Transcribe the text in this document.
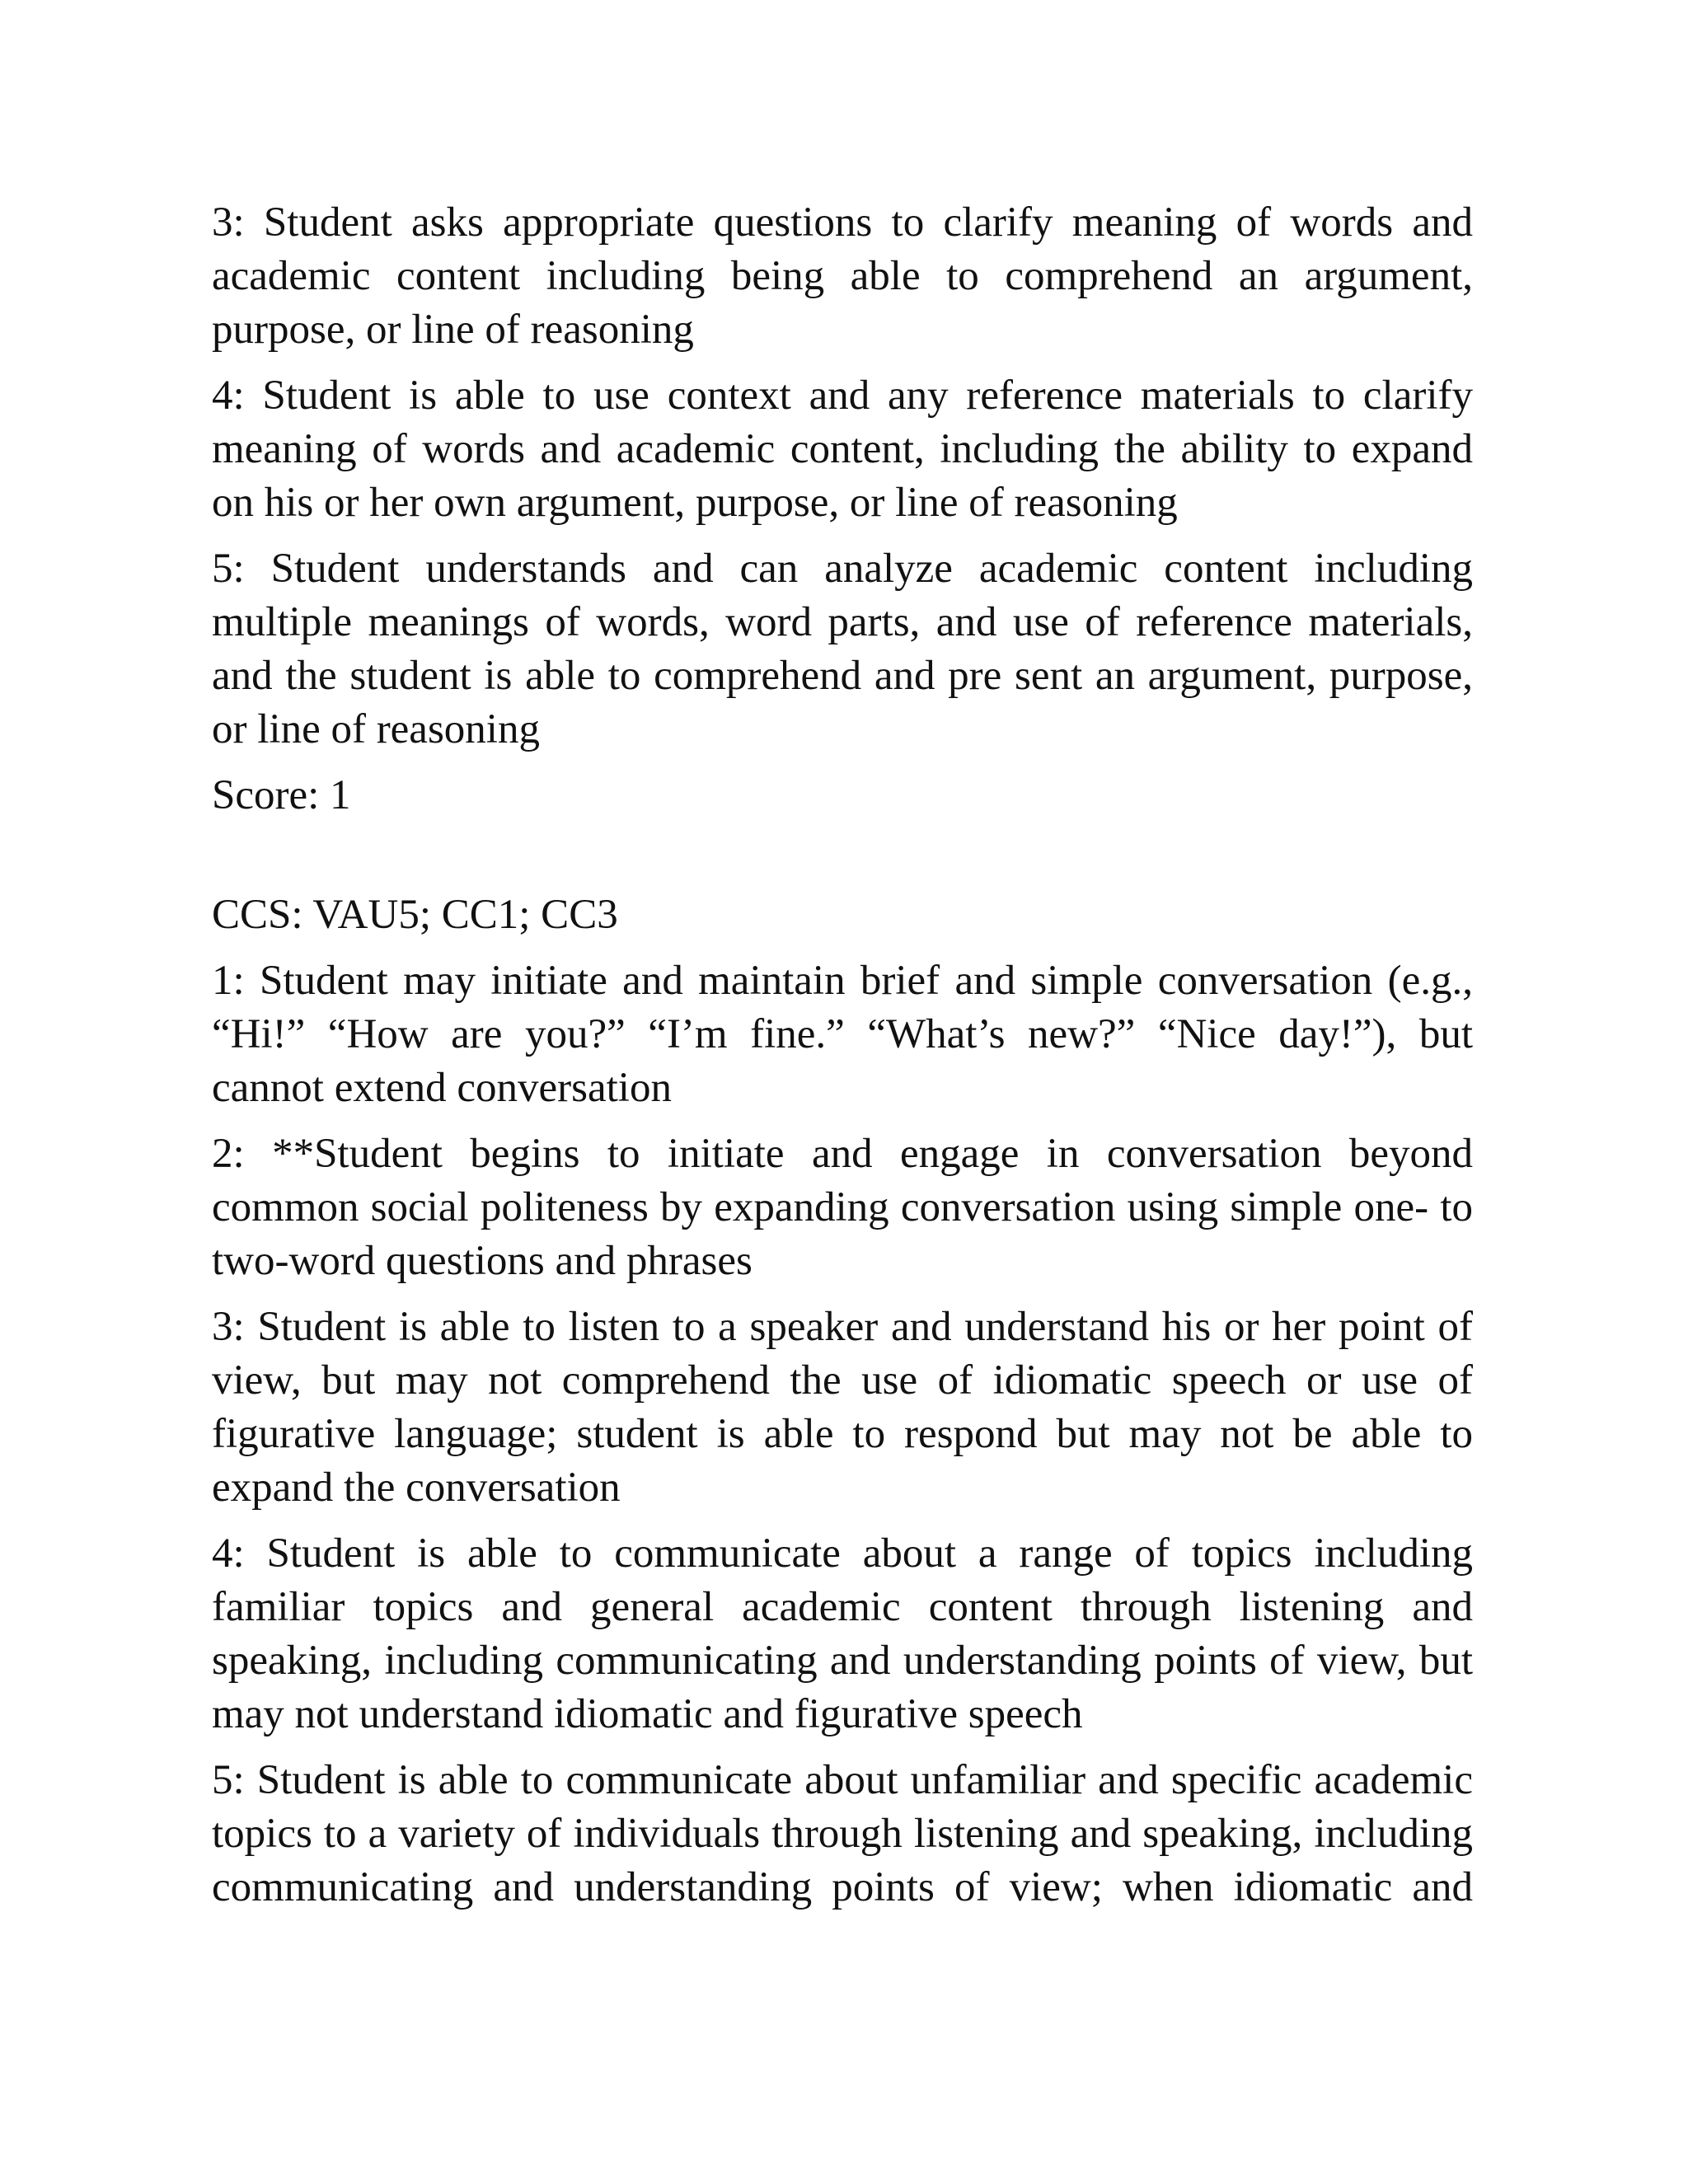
3: Student asks appropriate questions to clarify meaning of words and academic content including being able to comprehend an argument, purpose, or line of reasoning

4: Student is able to use context and any reference materials to clarify meaning of words and academic content, including the ability to expand on his or her own argument, purpose, or line of reasoning

5: Student understands and can analyze academic content including multiple meanings of words, word parts, and use of reference materials, and the student is able to comprehend and pre sent an argument, purpose, or line of reasoning

Score: 1

CCS: VAU5; CC1; CC3

1: Student may initiate and maintain brief and simple conversation (e.g., “Hi!” “How are you?” “I’m fine.” “What’s new?” “Nice day!”), but cannot extend conversation

2: **Student begins to initiate and engage in conversation beyond common social politeness by expanding conversation using simple one- to two-word questions and phrases

3: Student is able to listen to a speaker and understand his or her point of view, but may not comprehend the use of idiomatic speech or use of figurative language; student is able to respond but may not be able to expand the conversation

4: Student is able to communicate about a range of topics including familiar topics and general academic content through listening and speaking, including communicating and understanding points of view, but may not understand idiomatic and figurative speech

5: Student is able to communicate about unfamiliar and specific academic topics to a variety of individuals through listening and speaking, including communicating and understanding points of view; when idiomatic and
